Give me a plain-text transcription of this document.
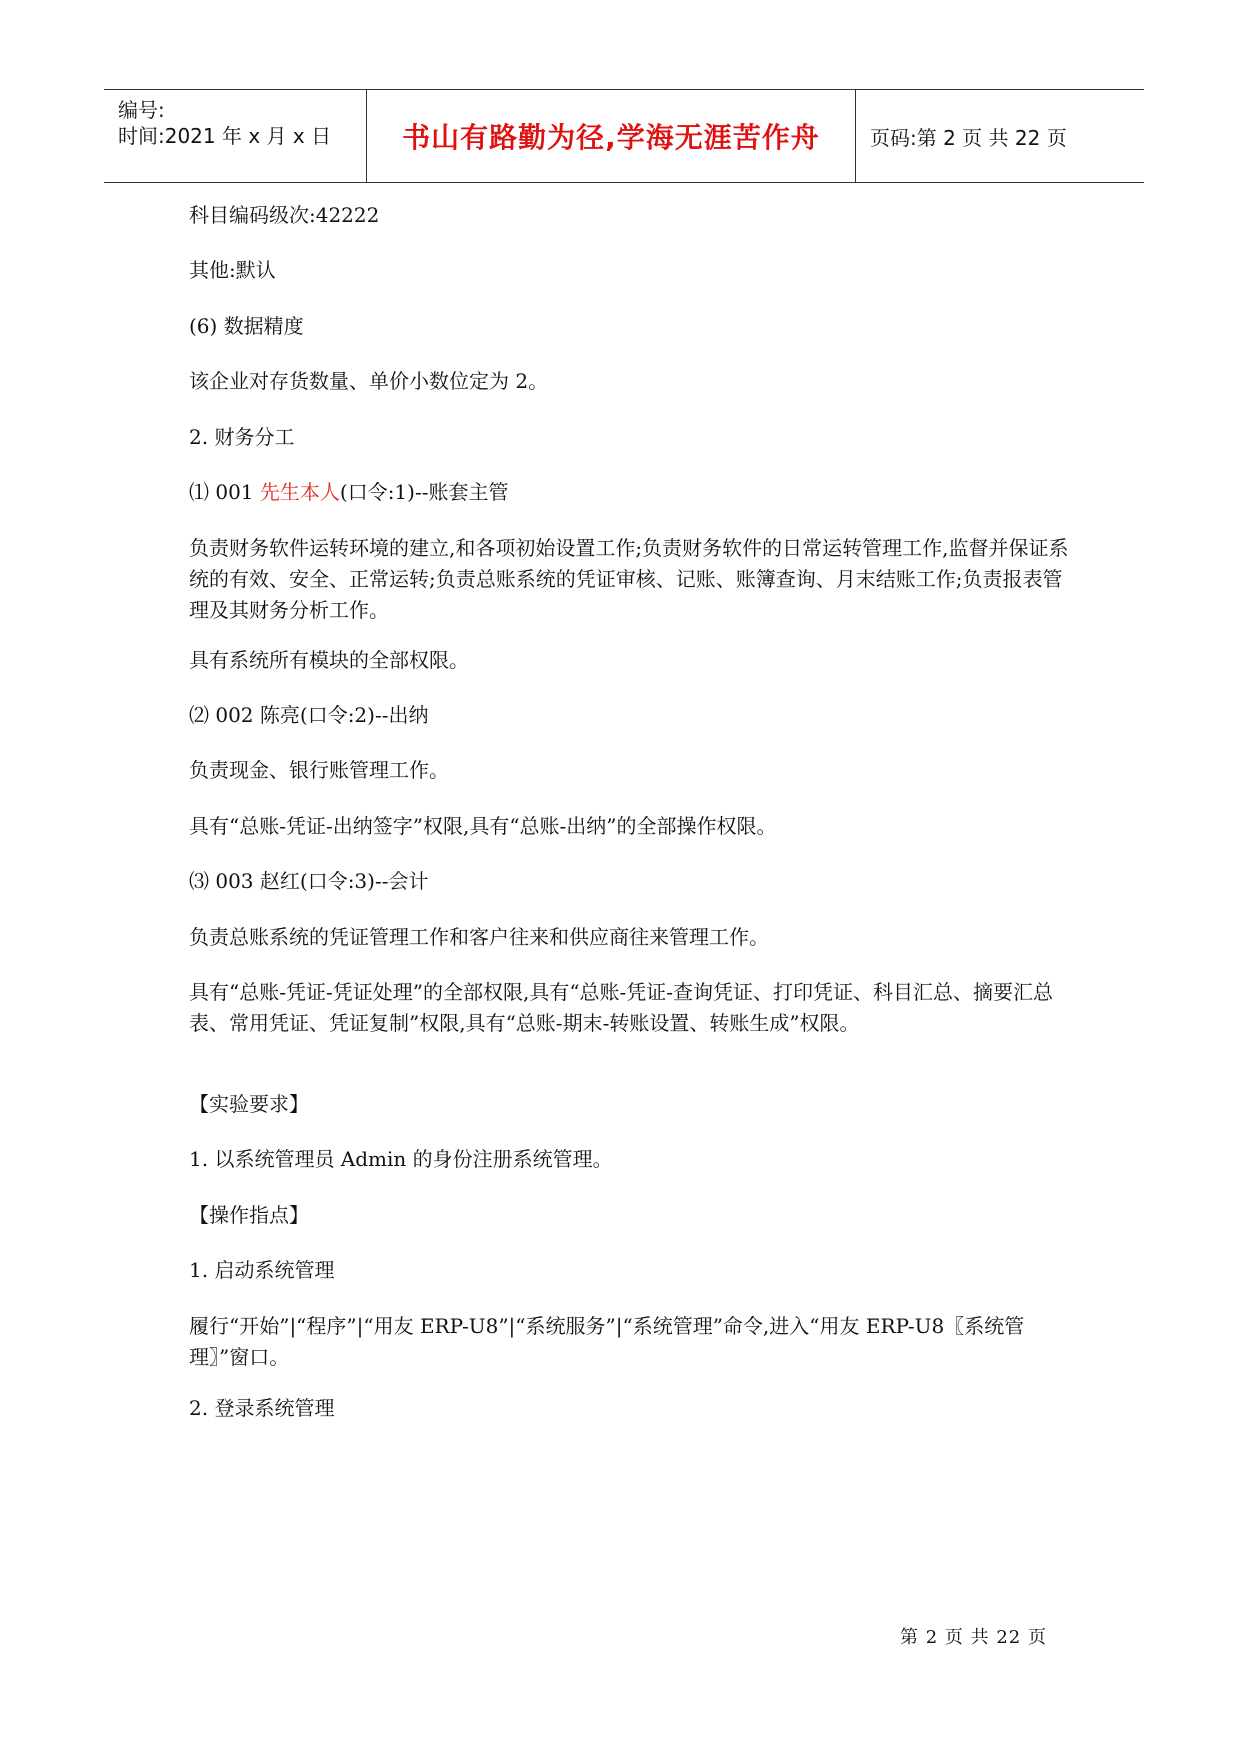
编号:
时间:2021 年 x 月 x 日	书山有路勤为径,学海无涯苦作舟	页码:第 2 页 共 22 页
科目编码级次:42222
其他:默认
(6) 数据精度
该企业对存货数量、单价小数位定为 2。
2. 财务分工
⑴ 001 先生本人(口令:1)--账套主管
负责财务软件运转环境的建立,和各项初始设置工作;负责财务软件的日常运转管理工作,监督并保证系统的有效、安全、正常运转;负责总账系统的凭证审核、记账、账簿查询、月末结账工作;负责报表管理及其财务分析工作。
具有系统所有模块的全部权限。
⑵ 002 陈亮(口令:2)--出纳
负责现金、银行账管理工作。
具有“总账-凭证-出纳签字”权限,具有“总账-出纳”的全部操作权限。
⑶ 003 赵红(口令:3)--会计
负责总账系统的凭证管理工作和客户往来和供应商往来管理工作。
具有“总账-凭证-凭证处理”的全部权限,具有“总账-凭证-查询凭证、打印凭证、科目汇总、摘要汇总表、常用凭证、凭证复制”权限,具有“总账-期末-转账设置、转账生成”权限。
【实验要求】
1. 以系统管理员 Admin 的身份注册系统管理。
【操作指点】
1. 启动系统管理
履行“开始”|“程序”|“用友 ERP-U8”|“系统服务”|“系统管理”命令,进入“用友 ERP-U8〖系统管理〗”窗口。
2. 登录系统管理
第 2 页 共 22 页
